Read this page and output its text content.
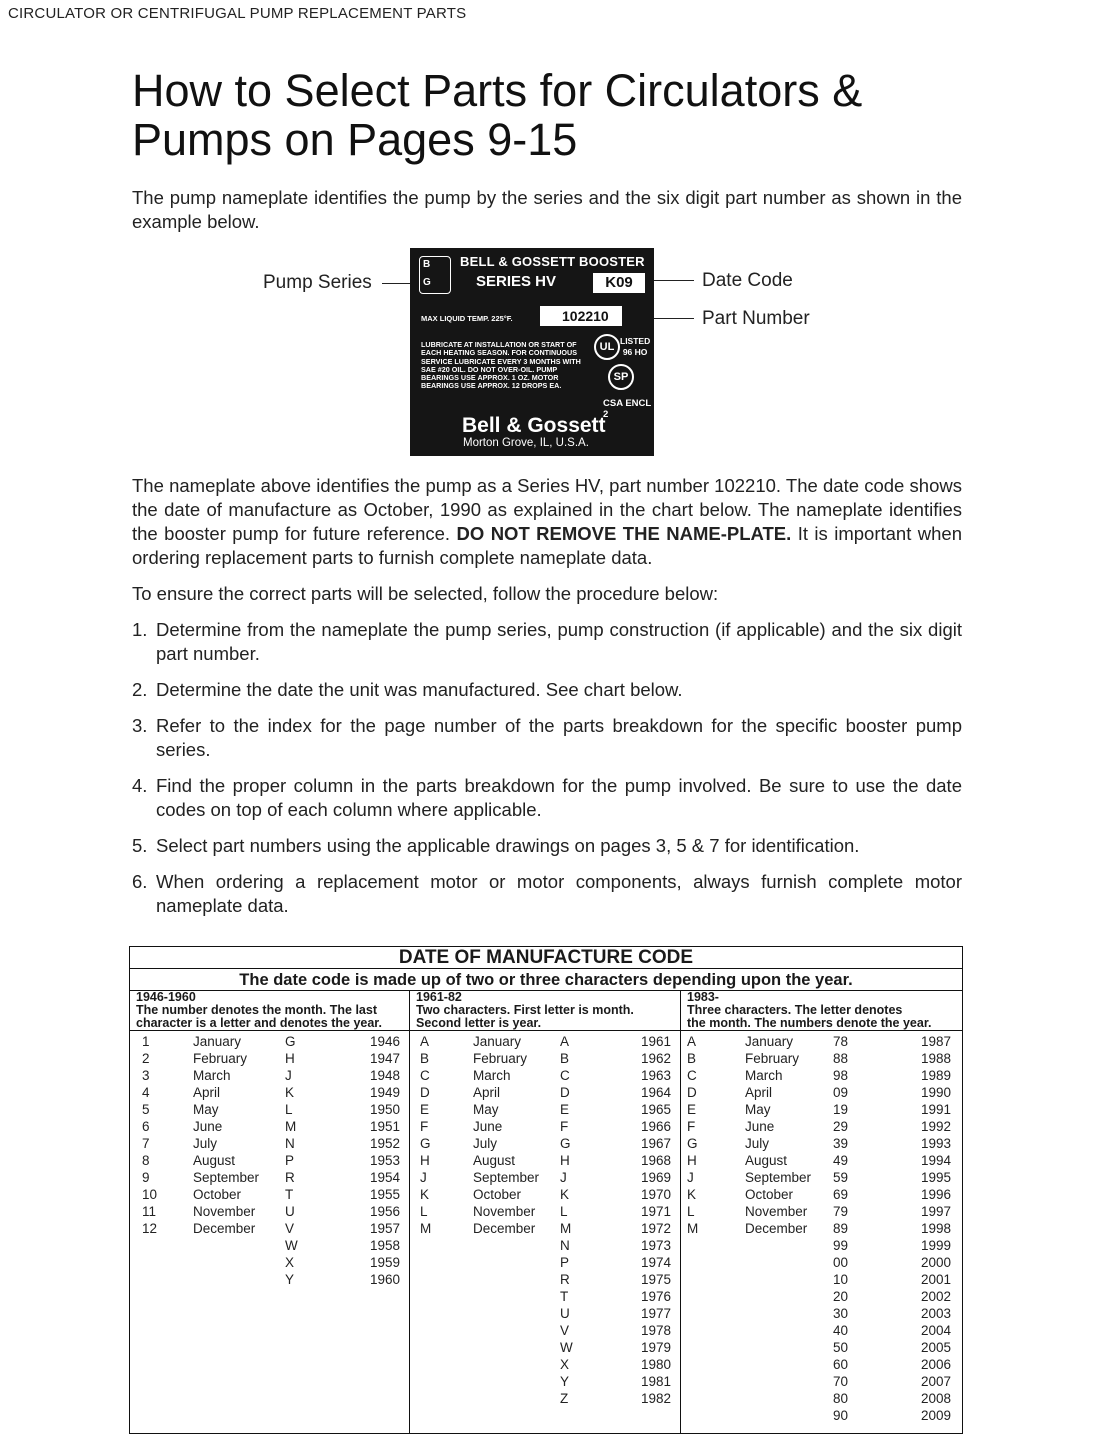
CIRCULATOR OR CENTRIFUGAL PUMP REPLACEMENT PARTS
How to Select Parts for Circulators & Pumps on Pages 9-15
The pump nameplate identifies the pump by the series and the six digit part number as shown in the example below.
Pump Series	Date Code
Part Number
B
G
BELL & GOSSETT BOOSTER
SERIES HV	K09
MAX LIQUID TEMP. 225°F.	102210
LUBRICATE AT INSTALLATION OR START OF EACH HEATING SEASON. FOR CONTINUOUS SERVICE LUBRICATE EVERY 3 MONTHS WITH SAE #20 OIL. DO NOT OVER-OIL. PUMP BEARINGS USE APPROX. 1 OZ. MOTOR BEARINGS USE APPROX. 12 DROPS EA.
UL LISTED
96 HO
SP
CSA ENCL 2
Bell & Gossett
Morton Grove, IL, U.S.A.
The nameplate above identifies the pump as a Series HV, part number 102210. The date code shows the date of manufacture as October, 1990 as explained in the chart below. The nameplate identifies the booster pump for future reference. DO NOT REMOVE THE NAME-PLATE. It is important when ordering replacement parts to furnish complete nameplate data.
To ensure the correct parts will be selected, follow the procedure below:
1. Determine from the nameplate the pump series, pump construction (if applicable) and the six digit part number.
2. Determine the date the unit was manufactured. See chart below.
3. Refer to the index for the page number of the parts breakdown for the specific booster pump series.
4. Find the proper column in the parts breakdown for the pump involved. Be sure to use the date codes on top of each column where applicable.
5. Select part numbers using the applicable drawings on pages 3, 5 & 7 for identification.
6. When ordering a replacement motor or motor components, always furnish complete motor nameplate data.
DATE OF MANUFACTURE CODE
The date code is made up of two or three characters depending upon the year.
1946-1960
The number denotes the month. The last
character is a letter and denotes the year.
1	January	G	1946
2	February	H	1947
3	March	J	1948
4	April	K	1949
5	May	L	1950
6	June	M	1951
7	July	N	1952
8	August	P	1953
9	September R	1954
10	October	T	1955
11	November U	1956
12	December V	1957
W	1958
X	1959
Y	1960
1961-82
Two characters. First letter is month.
Second letter is year.
A	January	A	1961
B	February B	1962
C	March	C	1963
D	April	D	1964
E	May	E	1965
F	June	F	1966
G	July	G	1967
H	August	H	1968
J	September J	1969
K	October	K	1970
L	November L	1971
M	December M	1972
N	1973
P	1974
R	1975
T	1976
U	1977
V	1978
W	1979
X	1980
Y	1981
Z	1982
1983-
Three characters. The letter denotes
the month. The numbers denote the year.
A	January	78	1987
B	February	88	1988
C	March	98	1989
D	April	09	1990
E	May	19	1991
F	June	29	1992
G	July	39	1993
H	August	49	1994
J	September 59	1995
K	October	69	1996
L	November 79	1997
M	December 89	1998
99	1999
00	2000
10	2001
20	2002
30	2003
40	2004
50	2005
60	2006
70	2007
80	2008
90	2009
